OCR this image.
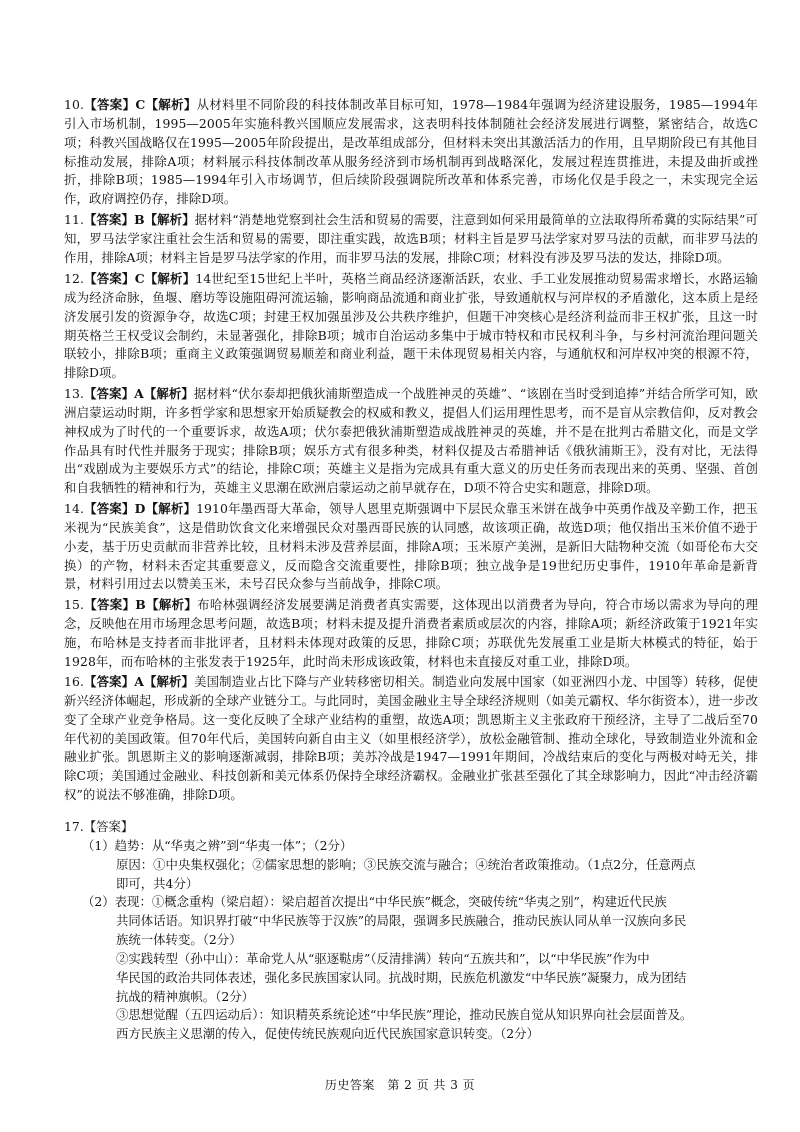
10.【答案】C【解析】从材料里不同阶段的科技体制改革目标可知，1978—1984年强调为经济建设服务，1985—1994年引入市场机制，1995—2005年实施科教兴国顺应发展需求，这表明科技体制随社会经济发展进行调整，紧密结合，故选C项；科教兴国战略仅在1995—2005年阶段提出，是改革组成部分，但材料未突出其激活活力的作用，且早期阶段已有其他目标推动发展，排除A项；材料展示科技体制改革从服务经济到市场机制再到战略深化，发展过程连贯推进，未提及曲折或挫折，排除B项；1985—1994年引入市场调节，但后续阶段强调院所改革和体系完善，市场化仅是手段之一，未实现完全运作，政府调控仍存，排除D项。
11.【答案】B【解析】据材料“消楚地党察到社会生活和贸易的需要，注意到如何采用最简单的立法取得所希冀的实际结果”可知，罗马法学家注重社会生活和贸易的需要，即注重实践，故选B项；材料主旨是罗马法学家对罗马法的贡献，而非罗马法的作用，排除A项；材料主旨是罗马法学家的作用，而非罗马法的发展，排除C项；材料没有涉及罗马法的发达，排除D项。
12.【答案】C【解析】14世纪至15世纪上半叶，英格兰商品经济逐渐活跃，农业、手工业发展推动贸易需求增长，水路运输成为经济命脉，鱼堰、磨坊等设施阻碍河流运输，影响商品流通和商业扩张，导致通航权与河岸权的矛盾激化，这本质上是经济发展引发的资源争夺，故选C项；封建王权加强虽涉及公共秩序维护，但题干冲突核心是经济利益而非王权扩张，且这一时期英格兰王权受议会制约，未显著强化，排除B项；城市自治运动多集中于城市特权和市民权利斗争，与乡村河流治理问题关联较小，排除B项；重商主义政策强调贸易顺差和商业利益，题干未体现贸易相关内容，与通航权和河岸权冲突的根源不符，排除D项。
13.【答案】A【解析】据材料“伏尔泰却把俄狄浦斯塑造成一个战胜神灵的英雄”、“该剧在当时受到追捧”并结合所学可知，欧洲启蒙运动时期，许多哲学家和思想家开始质疑教会的权威和教义，提倡人们运用理性思考，而不是盲从宗教信仰，反对教会神权成为了时代的一个重要诉求，故选A项；伏尔泰把俄狄浦斯塑造成战胜神灵的英雄，并不是在批判古希腊文化，而是文学作品具有时代性并服务于现实；排除B项；娱乐方式有很多种类，材料仅提及古希腊神话《俄狄浦斯王》，没有对比，无法得出“戏剧成为主要娱乐方式”的结论，排除C项；英雄主义是指为完成具有重大意义的历史任务而表现出来的英勇、坚强、首创和自我牺牲的精神和行为，英雄主义思潮在欧洲启蒙运动之前早就存在，D项不符合史实和题意，排除D项。
14.【答案】D【解析】1910年墨西哥大革命，领导人恩里克斯强调中下层民众靠玉米饼在战争中英勇作战及辛勤工作，把玉米视为“民族美食”，这是借助饮食文化来增强民众对墨西哥民族的认同感，故该项正确，故选D项；他仅指出玉米价值不逊于小麦，基于历史贡献而非营养比较，且材料未涉及营养层面，排除A项；玉米原产美洲，是新旧大陆物种交流（如哥伦布大交换）的产物，材料未否定其重要意义，反而隐含交流重要性，排除B项；独立战争是19世纪历史事件，1910年革命是新背景，材料引用过去以赞美玉米，未号召民众参与当前战争，排除C项。
15.【答案】B【解析】布哈林强调经济发展要满足消费者真实需要，这体现出以消费者为导向，符合市场以需求为导向的理念，反映他在用市场理念思考问题，故选B项；材料未提及提升消费者素质或层次的内容，排除A项；新经济政策于1921年实施，布哈林是支持者而非批评者，且材料未体现对政策的反思，排除C项；苏联优先发展重工业是斯大林模式的特征，始于1928年，而布哈林的主张发表于1925年，此时尚未形成该政策，材料也未直接反对重工业，排除D项。
16.【答案】A【解析】美国制造业占比下降与产业转移密切相关。制造业向发展中国家（如亚洲四小龙、中国等）转移，促使新兴经济体崛起，形成新的全球产业链分工。与此同时，美国金融业主导全球经济规则（如美元霸权、华尔街资本），进一步改变了全球产业竞争格局。这一变化反映了全球产业结构的重塑，故选A项；凯恩斯主义主张政府干预经济，主导了二战后至70年代初的美国政策。但70年代后，美国转向新自由主义（如里根经济学），放松金融管制、推动全球化，导致制造业外流和金融业扩张。凯恩斯主义的影响逐渐减弱，排除B项；美苏冷战是1947—1991年期间，冷战结束后的变化与两极对峙无关，排除C项；美国通过金融业、科技创新和美元体系仍保持全球经济霸权。金融业扩张甚至强化了其全球影响力，因此“冲击经济霸权”的说法不够准确，排除D项。
历史答案　第 2 页 共 3 页
17.【答案】
（1）趋势：从“华夷之辨”到“华夷一体”；（2分）
原因：①中央集权强化；②儒家思想的影响；③民族交流与融合；④统治者政策推动。（1点2分，任意两点
即可，共4分）
（2）表现：①概念重构（梁启超）：梁启超首次提出“中华民族”概念，突破传统“华夷之别”，构建近代民族
共同体话语。知识界打破“中华民族等于汉族”的局限，强调多民族融合，推动民族认同从单一汉族向多民
族统一体转变。（2分）
②实践转型（孙中山）：革命党人从“驱逐鞑虏”（反清排满）转向“五族共和”，以“中华民族”作为中
华民国的政治共同体表述，强化多民族国家认同。抗战时期，民族危机激发“中华民族”凝聚力，成为团结
抗战的精神旗帜。（2分）
③思想觉醒（五四运动后）：知识精英系统论述“中华民族”理论，推动民族自觉从知识界向社会层面普及。
西方民族主义思潮的传入，促使传统民族观向近代民族国家意识转变。（2分）
